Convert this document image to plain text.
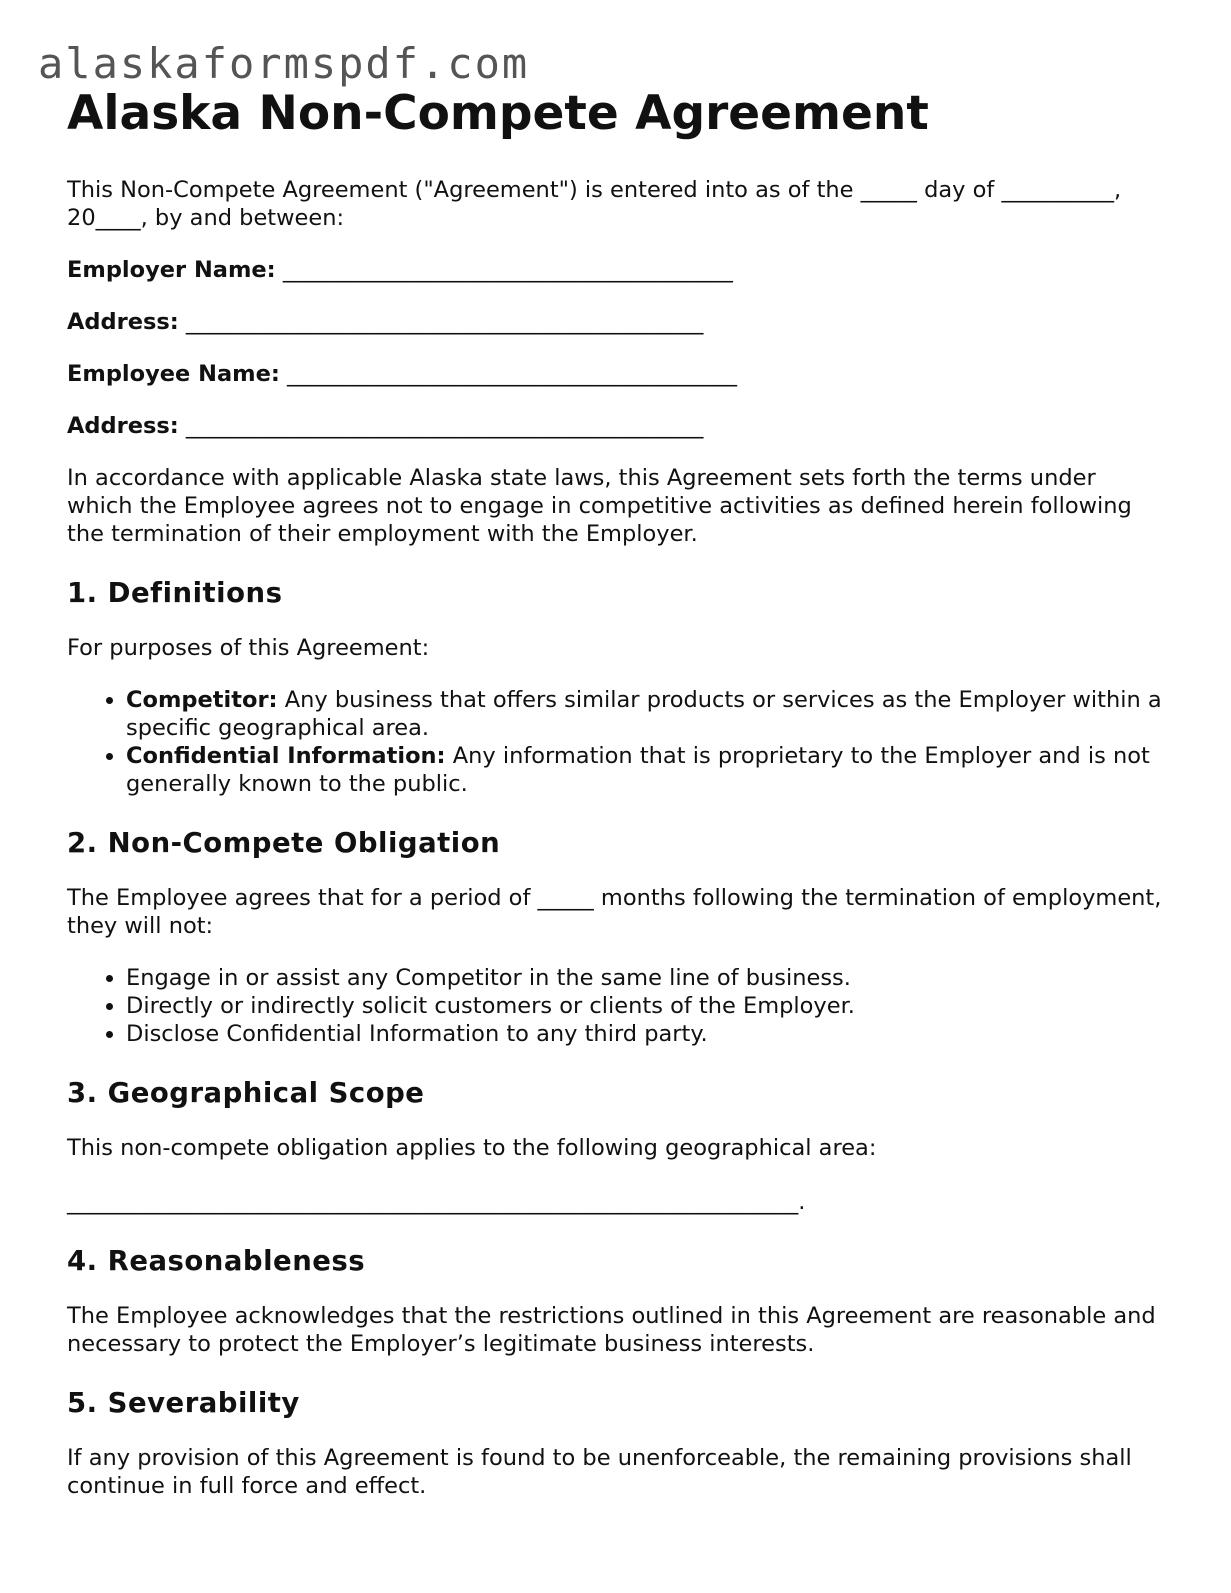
alaskaformspdf.com
Alaska Non-Compete Agreement

This Non-Compete Agreement ("Agreement") is entered into as of the _____ day of __________, 20____, by and between:

Employer Name: ________________________________________

Address: ______________________________________________

Employee Name: ________________________________________

Address: ______________________________________________

In accordance with applicable Alaska state laws, this Agreement sets forth the terms under which the Employee agrees not to engage in competitive activities as defined herein following the termination of their employment with the Employer.

1. Definitions

For purposes of this Agreement:

• Competitor: Any business that offers similar products or services as the Employer within a specific geographical area.
• Confidential Information: Any information that is proprietary to the Employer and is not generally known to the public.
2. Non-Compete Obligation

The Employee agrees that for a period of _____ months following the termination of employment, they will not:

• Engage in or assist any Competitor in the same line of business.
• Directly or indirectly solicit customers or clients of the Employer.
• Disclose Confidential Information to any third party.
3. Geographical Scope

This non-compete obligation applies to the following geographical area:

_________________________________________________________________.

4. Reasonableness

The Employee acknowledges that the restrictions outlined in this Agreement are reasonable and necessary to protect the Employer’s legitimate business interests.

5. Severability

If any provision of this Agreement is found to be unenforceable, the remaining provisions shall continue in full force and effect.
